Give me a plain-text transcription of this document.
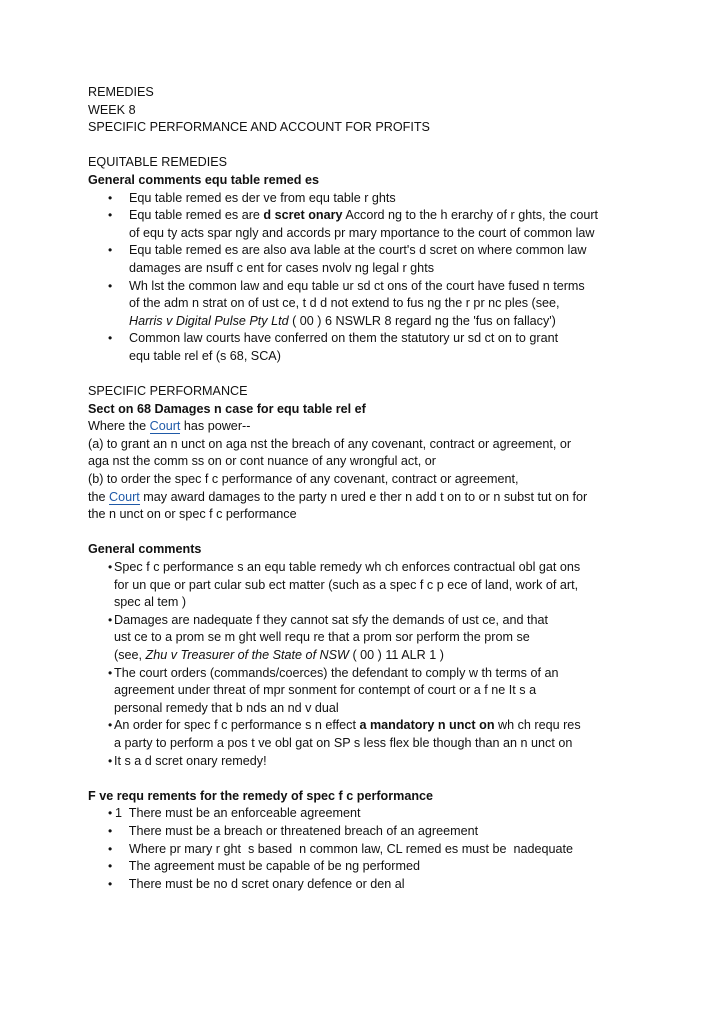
REMEDIES
WEEK 8
SPECIFIC PERFORMANCE AND ACCOUNT FOR PROFITS
EQUITABLE REMEDIES
General comments equ table remed es
• Equ table remed es der ve from equ table r ghts
• Equ table remed es are d scret onary Accord ng to the h erarchy of r ghts, the court
of equ ty acts spar ngly and accords pr mary mportance to the court of common law
• Equ table remed es are also ava lable at the court's d scret on where common law
damages are nsuff c ent for cases nvolv ng legal r ghts
• Wh lst the common law and equ table ur sd ct ons of the court have fused n terms
of the adm n strat on of ust ce, t d d not extend to fus ng the r pr nc ples (see,
Harris v Digital Pulse Pty Ltd ( 00 ) 6 NSWLR 8 regard ng the 'fus on fallacy')
• Common law courts have conferred on them the statutory ur sd ct on to grant
equ table rel ef (s 68, SCA)
SPECIFIC PERFORMANCE
Sect on 68 Damages n case for equ table rel ef
Where the Court has power--
(a) to grant an n unct on aga nst the breach of any covenant, contract or agreement, or
aga nst the comm ss on or cont nuance of any wrongful act, or
(b) to order the spec f c performance of any covenant, contract or agreement,
the Court may award damages to the party n ured e ther n add t on to or n subst tut on for
the n unct on or spec f c performance
General comments
• Spec f c performance s an equ table remedy wh ch enforces contractual obl gat ons
for un que or part cular sub ect matter (such as a spec f c p ece of land, work of art,
spec al tem )
• Damages are nadequate f they cannot sat sfy the demands of ust ce, and that
ust ce to a prom se m ght well requ re that a prom sor perform the prom se
(see, Zhu v Treasurer of the State of NSW ( 00 ) 11 ALR 1 )
• The court orders (commands/coerces) the defendant to comply w th terms of an
agreement under threat of mpr sonment for contempt of court or a f ne It s a
personal remedy that b nds an nd v dual
• An order for spec f c performance s n effect a mandatory n unct on wh ch requ res
a party to perform a pos t ve obl gat on SP s less flex ble though than an n unct on
• It s a d scret onary remedy!
F ve requ rements for the remedy of spec f c performance
• 1  There must be an enforceable agreement
• There must be a breach or threatened breach of an agreement
• Where pr mary r ght  s based  n common law, CL remed es must be  nadequate
• The agreement must be capable of be ng performed
• There must be no d scret onary defence or den al
